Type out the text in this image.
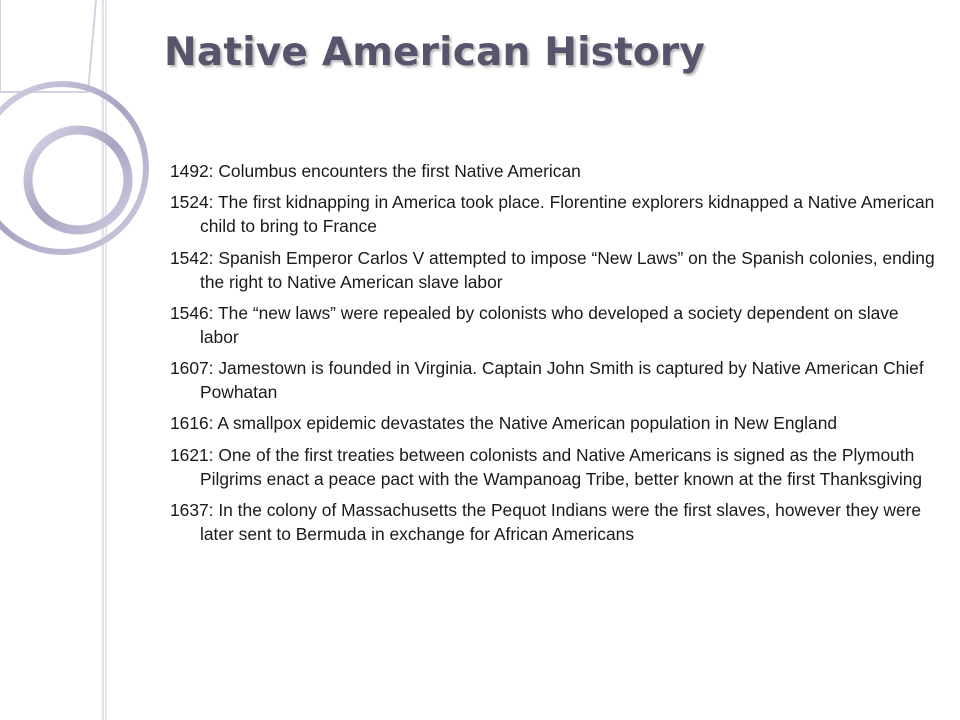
Native American History
1492: Columbus encounters the first Native American
1524: The first kidnapping in America took place. Florentine explorers kidnapped a Native American child to bring to France
1542: Spanish Emperor Carlos V attempted to impose “New Laws” on the Spanish colonies, ending the right to Native American slave labor
1546: The “new laws” were repealed by colonists who developed a society dependent on slave labor
1607: Jamestown is founded in Virginia. Captain John Smith is captured by Native American Chief Powhatan
1616: A smallpox epidemic devastates the Native American population in New England
1621: One of the first treaties between colonists and Native Americans is signed as the Plymouth Pilgrims enact a peace pact with the Wampanoag Tribe, better known at the first Thanksgiving
1637: In the colony of Massachusetts the Pequot Indians were the first slaves, however they were later sent to Bermuda in exchange for African Americans
